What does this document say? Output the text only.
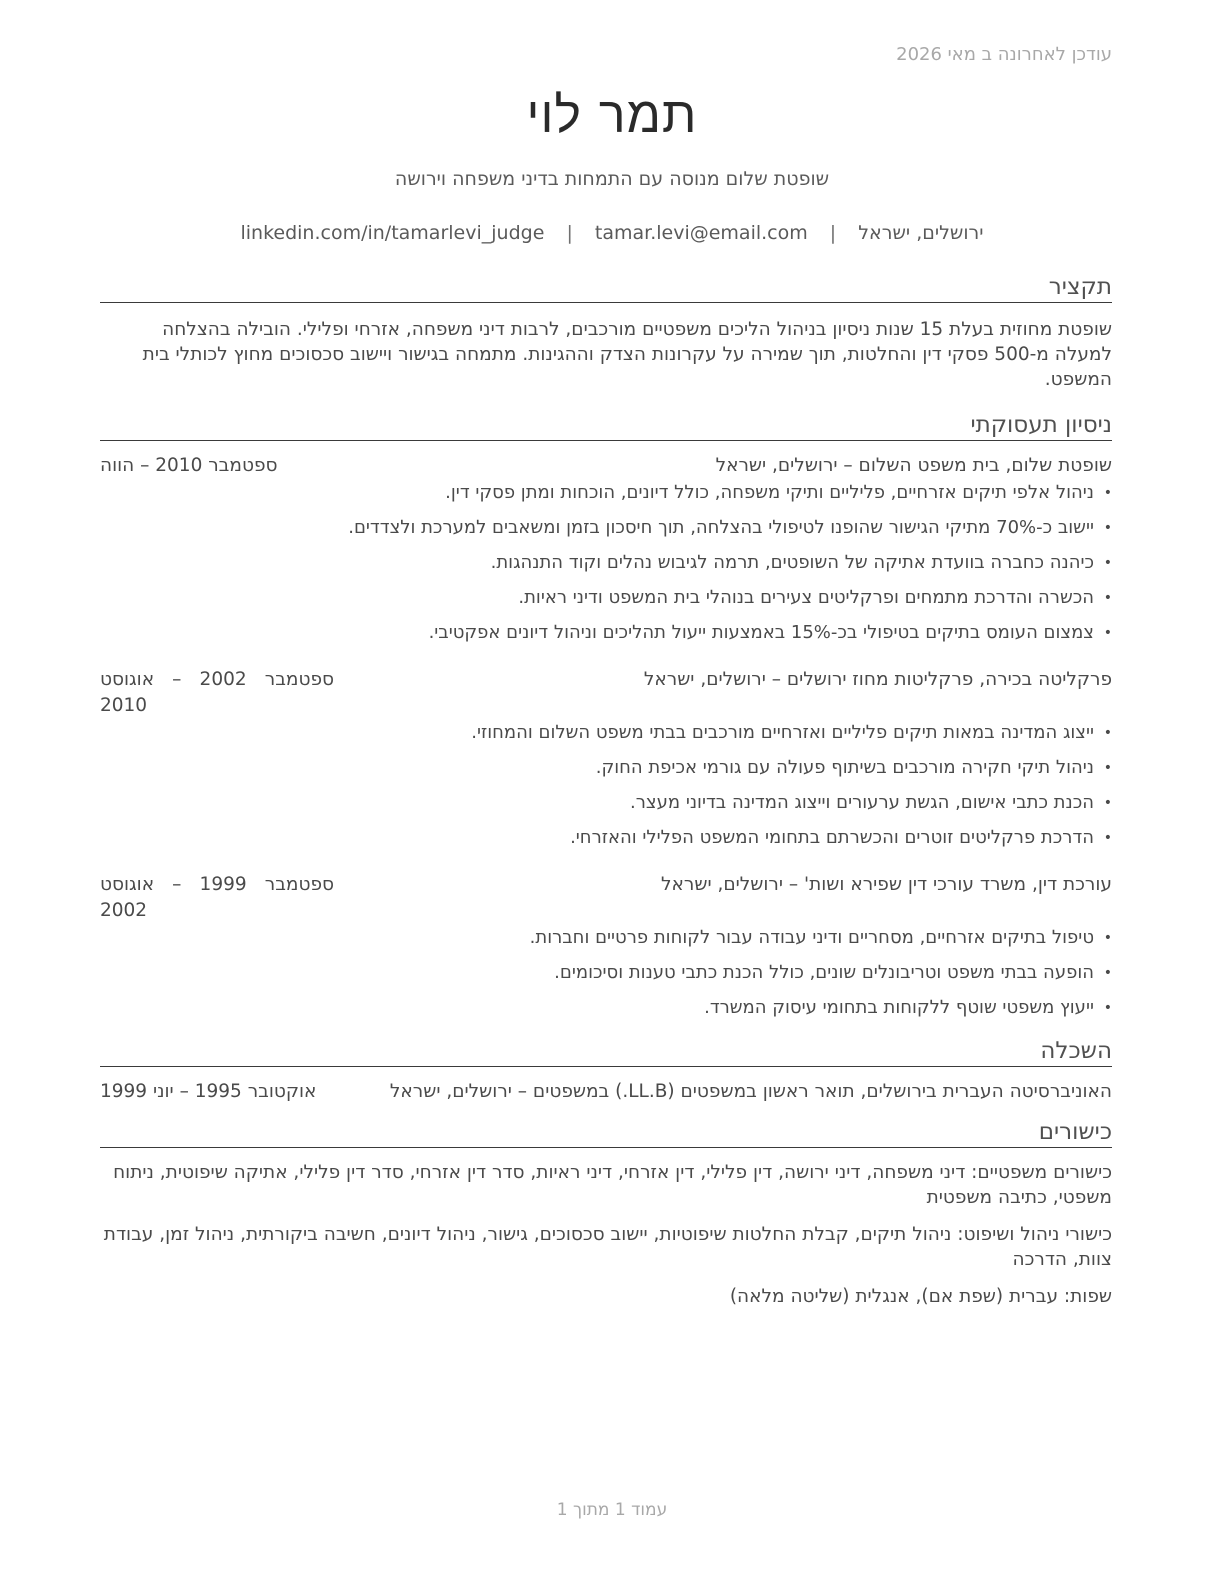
עודכן לאחרונה ב מאי 2026
תמר לוי
שופטת שלום מנוסה עם התמחות בדיני משפחה וירושה
ירושלים, ישראל | tamar.levi@email.com | linkedin.com/in/tamarlevi_judge
תקציר

שופטת מחוזית בעלת 15 שנות ניסיון בניהול הליכים משפטיים מורכבים, לרבות דיני משפחה, אזרחי ופלילי. הובילה בהצלחה למעלה מ-500 פסקי דין והחלטות, תוך שמירה על עקרונות הצדק וההגינות. מתמחה בגישור ויישוב סכסוכים מחוץ לכותלי בית המשפט.

ניסיון תעסוקתי
שופטת שלום, בית משפט השלום – ירושלים, ישראל
ספטמבר 2010 – הווה
• ניהול אלפי תיקים אזרחיים, פליליים ותיקי משפחה, כולל דיונים, הוכחות ומתן פסקי דין.
• יישוב כ-70% מתיקי הגישור שהופנו לטיפולי בהצלחה, תוך חיסכון בזמן ומשאבים למערכת ולצדדים.
• כיהנה כחברה בוועדת אתיקה של השופטים, תרמה לגיבוש נהלים וקוד התנהגות.
• הכשרה והדרכת מתמחים ופרקליטים צעירים בנוהלי בית המשפט ודיני ראיות.
• צמצום העומס בתיקים בטיפולי בכ-15% באמצעות ייעול תהליכים וניהול דיונים אפקטיבי.
פרקליטה בכירה, פרקליטות מחוז ירושלים – ירושלים, ישראל
ספטמבר 2002 – אוגוסט 2010
• ייצוג המדינה במאות תיקים פליליים ואזרחיים מורכבים בבתי משפט השלום והמחוזי.
• ניהול תיקי חקירה מורכבים בשיתוף פעולה עם גורמי אכיפת החוק.
• הכנת כתבי אישום, הגשת ערעורים וייצוג המדינה בדיוני מעצר.
• הדרכת פרקליטים זוטרים והכשרתם בתחומי המשפט הפלילי והאזרחי.
עורכת דין, משרד עורכי דין שפירא ושות' – ירושלים, ישראל
ספטמבר 1999 – אוגוסט 2002
• טיפול בתיקים אזרחיים, מסחריים ודיני עבודה עבור לקוחות פרטיים וחברות.
• הופעה בבתי משפט וטריבונלים שונים, כולל הכנת כתבי טענות וסיכומים.
• ייעוץ משפטי שוטף ללקוחות בתחומי עיסוק המשרד.
השכלה
האוניברסיטה העברית בירושלים, תואר ראשון במשפטים (LL.B.) במשפטים – ירושלים, ישראל
אוקטובר 1995 – יוני 1999
כישורים

כישורים משפטיים: דיני משפחה, דיני ירושה, דין פלילי, דין אזרחי, דיני ראיות, סדר דין אזרחי, סדר דין פלילי, אתיקה שיפוטית, ניתוח משפטי, כתיבה משפטית

כישורי ניהול ושיפוט: ניהול תיקים, קבלת החלטות שיפוטיות, יישוב סכסוכים, גישור, ניהול דיונים, חשיבה ביקורתית, ניהול זמן, עבודת צוות, הדרכה

שפות: עברית (שפת אם), אנגלית (שליטה מלאה)

עמוד 1 מתוך 1
